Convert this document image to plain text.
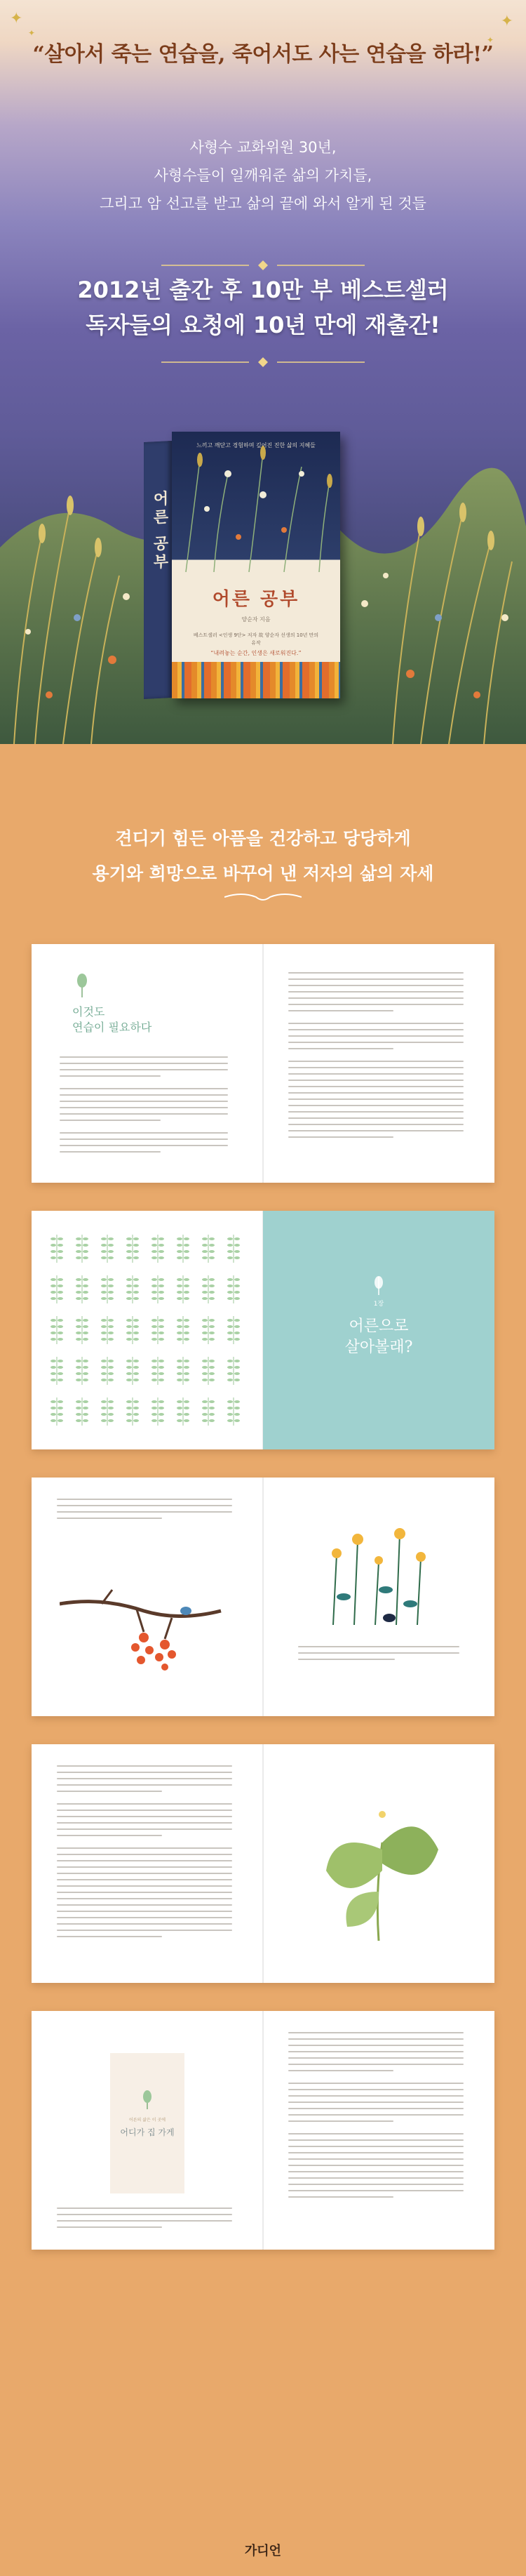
✦
✦
✦
✦
“살아서 죽는 연습을, 죽어서도 사는 연습을 하라!”
사형수 교화위원 30년,
사형수들이 일깨워준 삶의 가치들,
그리고 암 선고를 받고 삶의 끝에 와서 알게 된 것들
2012년 출간 후 10만 부 베스트셀러
독자들의 요청에 10년 만에 재출간!
어른 공부
느끼고 깨닫고 경험하며 깊어진 진한 삶의 지혜들
어른 공부
양순자 지음
베스트셀러 <인생 9단> 저자 故 양순자 선생의 10년 만의 유작
“내려놓는 순간, 인생은 새로워진다.”
견디기 힘든 아픔을 건강하고 당당하게
용기와 희망으로 바꾸어 낸 저자의 삶의 자세
이것도
연습이 필요하다
1장
어른으로
살아볼래?
어른의 삶은 이 곳에
어디가 집 가게
가디언
